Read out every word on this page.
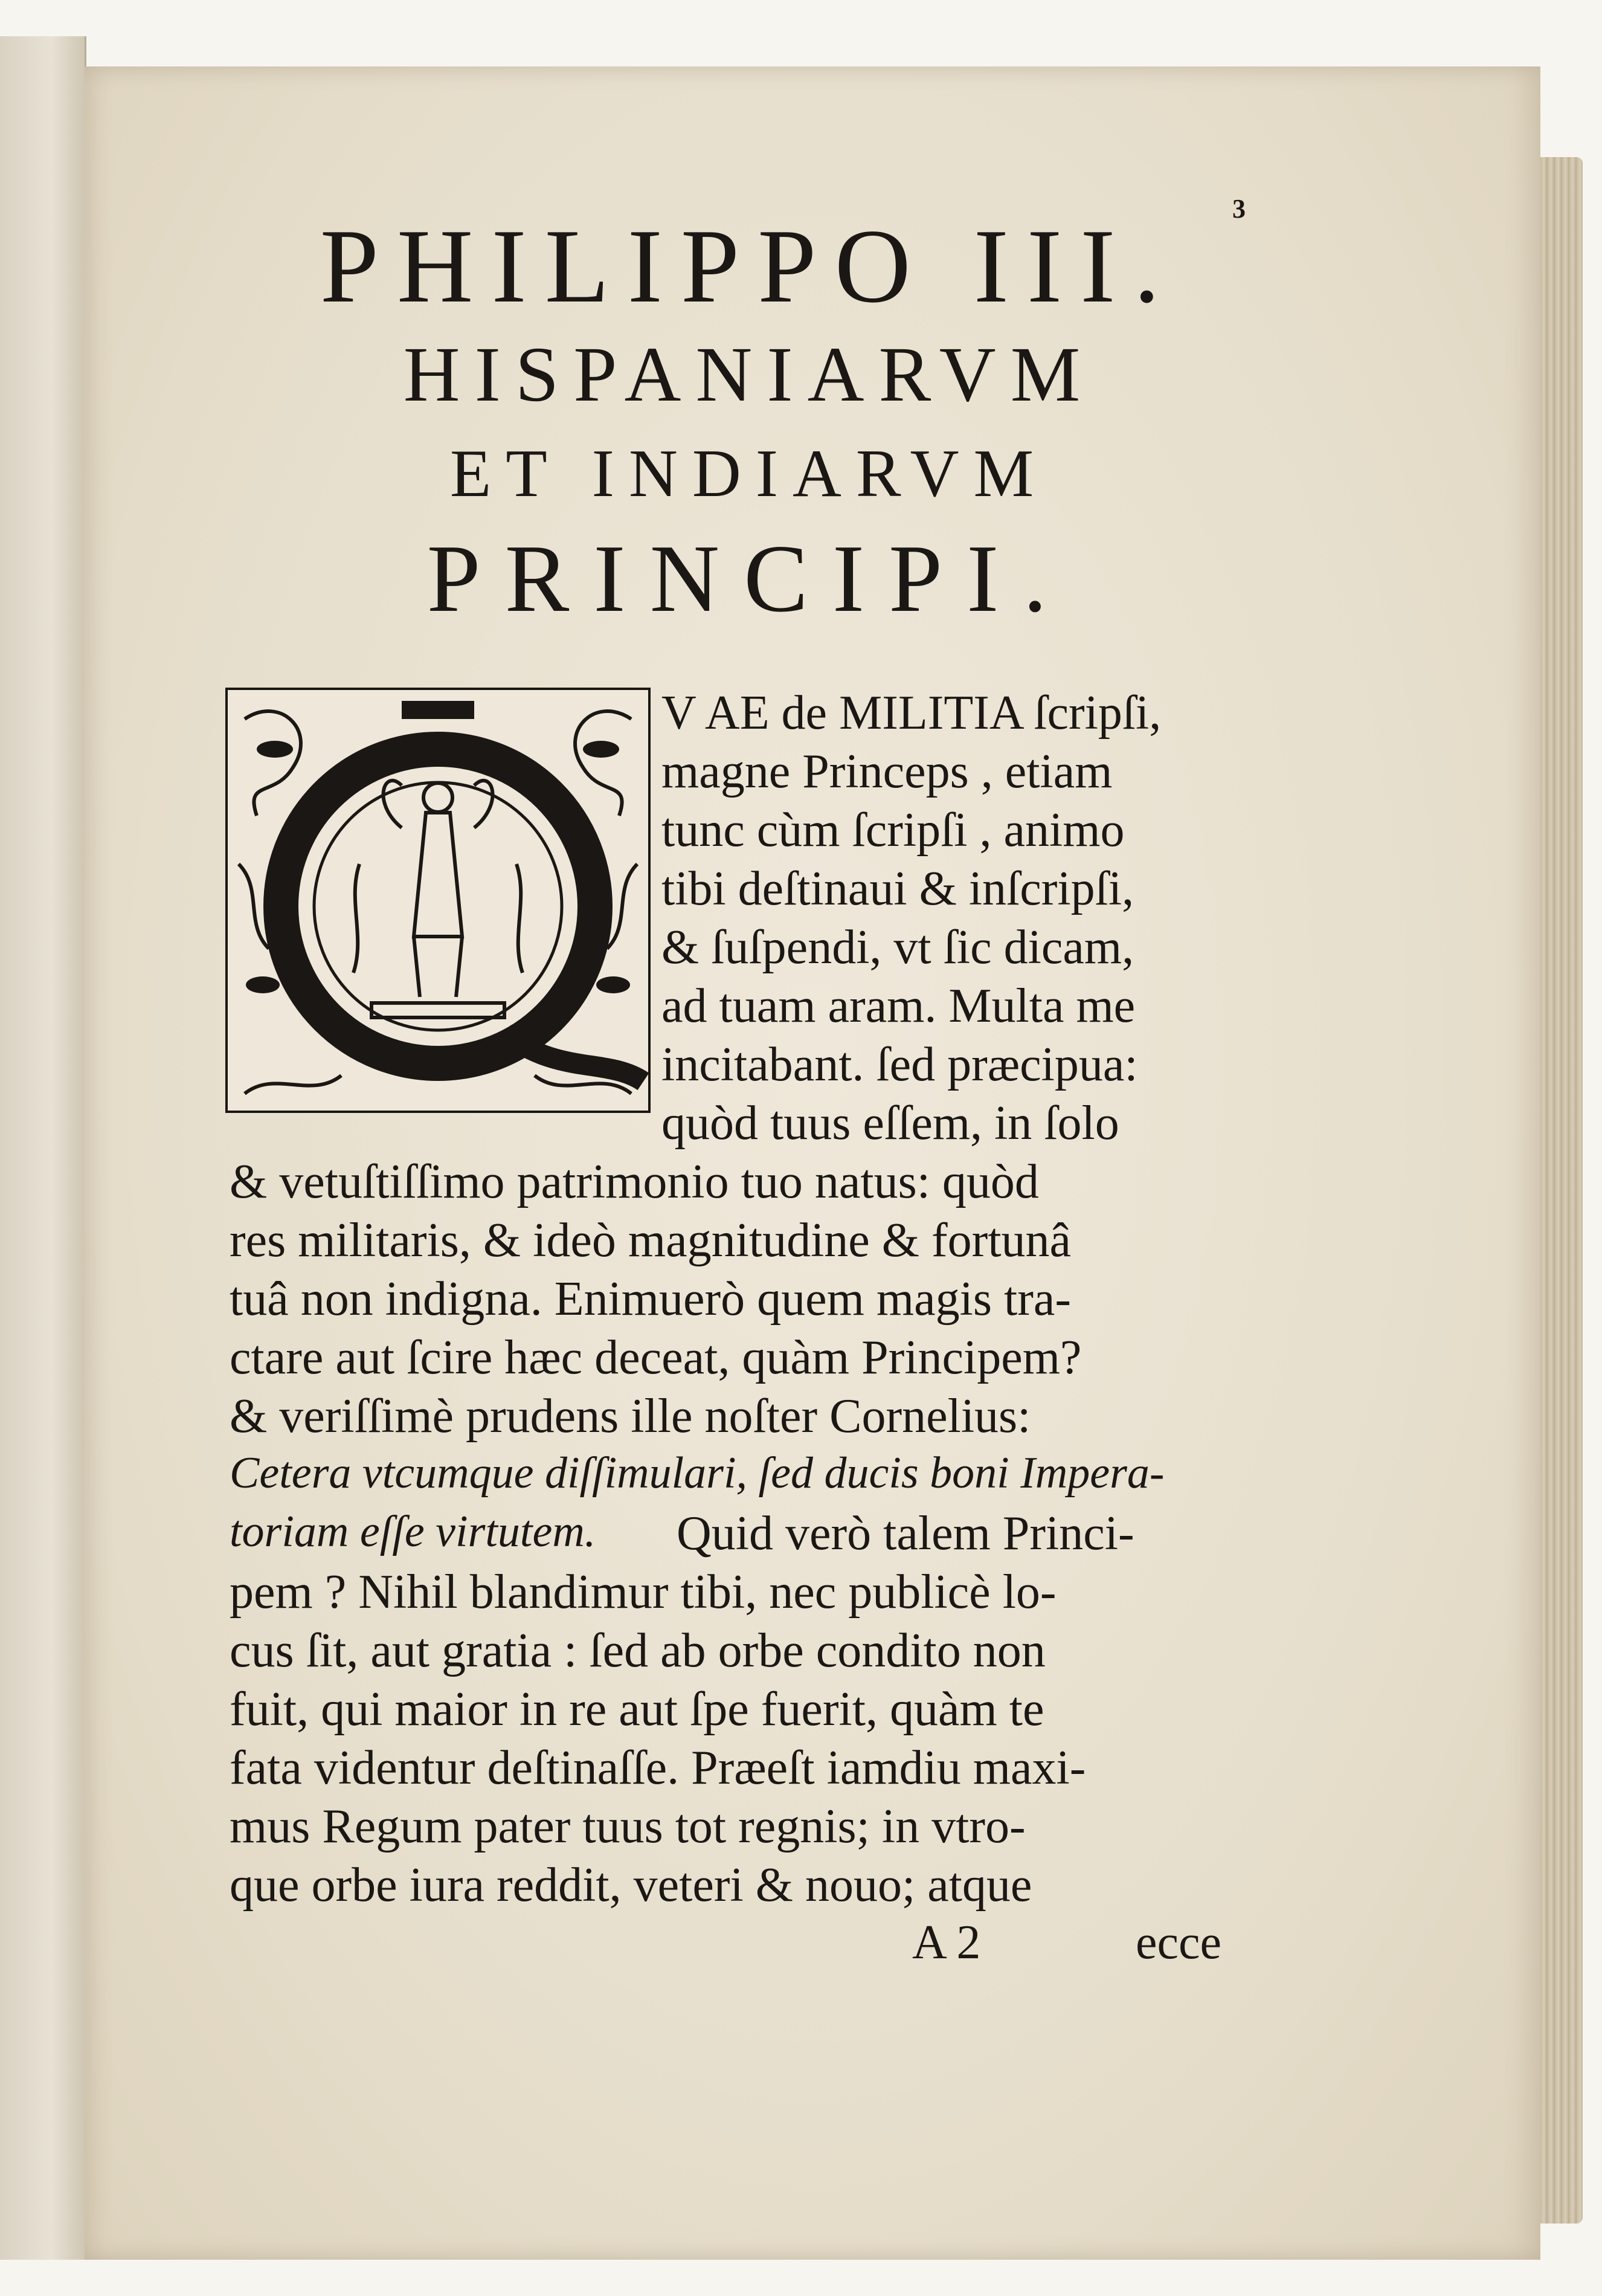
3
PHILIPPO III.
HISPANIARVM
ET INDIARVM
PRINCIPI.
V AE de MILITIA ſcripſi,
magne Princeps , etiam
tunc cùm ſcripſi , animo
tibi deſtinaui & inſcripſi,
& ſuſpendi, vt ſic dicam,
ad tuam aram. Multa me
incitabant. ſed præcipua:
quòd tuus eſſem, in ſolo
& vetuſtiſſimo patrimonio tuo natus: quòd
res militaris, & ideò magnitudine & fortunâ
tuâ non indigna. Enimuerò quem magis tra-
ctare aut ſcire hæc deceat, quàm Principem?
& veriſſimè prudens ille noſter Cornelius:
Cetera vtcumque diſſimulari, ſed ducis boni Impera-
toriam eſſe virtutem. Quid verò talem Princi-
pem ? Nihil blandimur tibi, nec publicè lo-
cus ſit, aut gratia : ſed ab orbe condito non
fuit, qui maior in re aut ſpe fuerit, quàm te
fata videntur deſtinaſſe. Præeſt iamdiu maxi-
mus Regum pater tuus tot regnis; in vtro-
que orbe iura reddit, veteri & nouo; atque
A 2	ecce
